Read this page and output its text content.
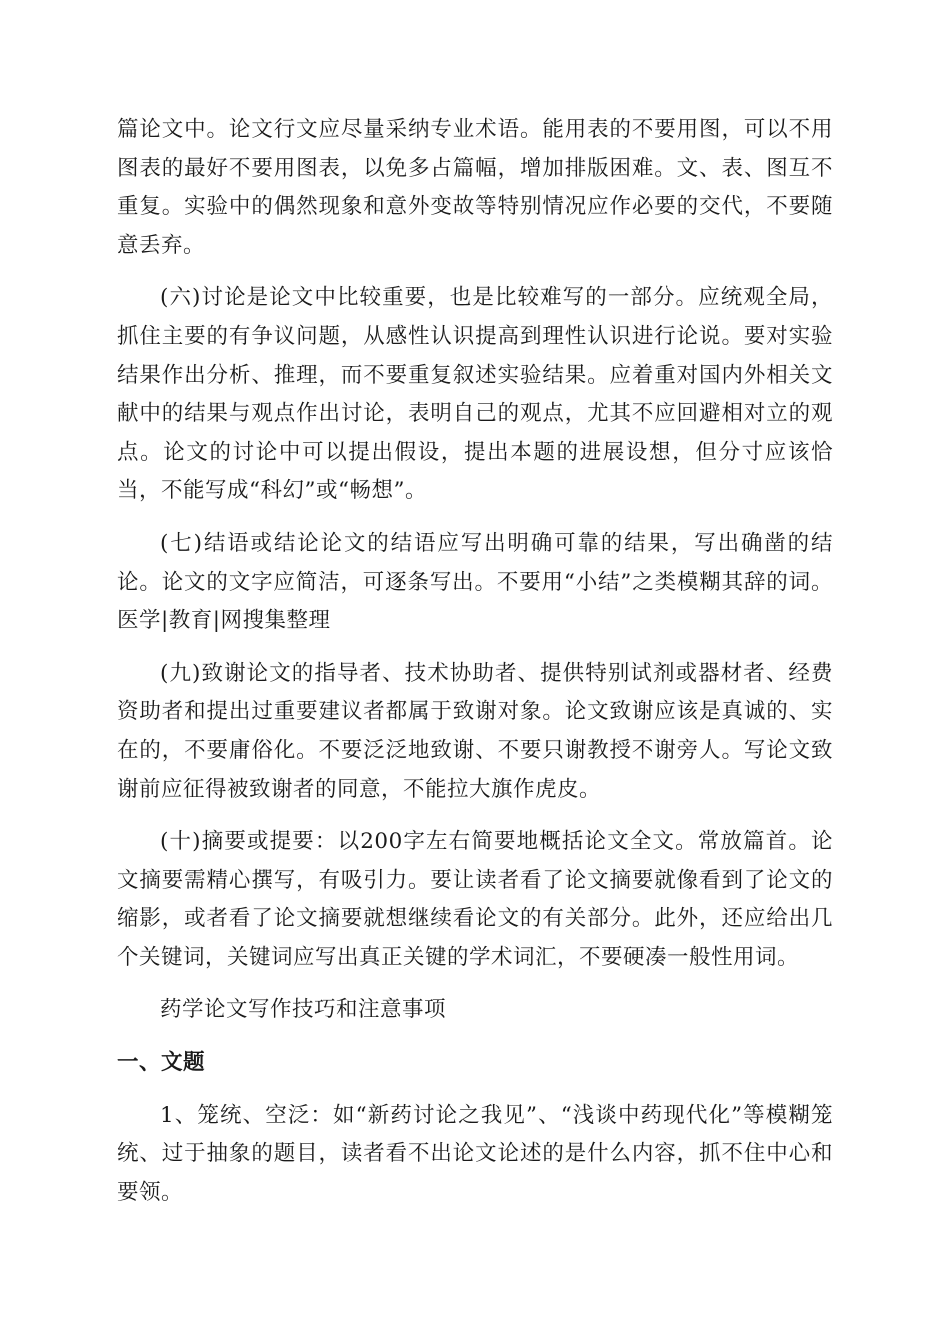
篇论文中。论文行文应尽量采纳专业术语。能用表的不要用图，可以不用图表的最好不要用图表，以免多占篇幅，增加排版困难。文、表、图互不重复。实验中的偶然现象和意外变故等特别情况应作必要的交代，不要随意丢弃。

(六)讨论是论文中比较重要，也是比较难写的一部分。应统观全局，抓住主要的有争议问题，从感性认识提高到理性认识进行论说。要对实验结果作出分析、推理，而不要重复叙述实验结果。应着重对国内外相关文献中的结果与观点作出讨论，表明自己的观点，尤其不应回避相对立的观点。论文的讨论中可以提出假设，提出本题的进展设想，但分寸应该恰当，不能写成“科幻”或“畅想”。

(七)结语或结论论文的结语应写出明确可靠的结果，写出确凿的结论。论文的文字应简洁，可逐条写出。不要用“小结”之类模糊其辞的词。医学|教育|网搜集整理

(九)致谢论文的指导者、技术协助者、提供特别试剂或器材者、经费资助者和提出过重要建议者都属于致谢对象。论文致谢应该是真诚的、实在的，不要庸俗化。不要泛泛地致谢、不要只谢教授不谢旁人。写论文致谢前应征得被致谢者的同意，不能拉大旗作虎皮。

(十)摘要或提要：以200字左右简要地概括论文全文。常放篇首。论文摘要需精心撰写，有吸引力。要让读者看了论文摘要就像看到了论文的缩影，或者看了论文摘要就想继续看论文的有关部分。此外，还应给出几个关键词，关键词应写出真正关键的学术词汇，不要硬凑一般性用词。

药学论文写作技巧和注意事项

一、文题

1、笼统、空泛：如“新药讨论之我见”、“浅谈中药现代化”等模糊笼统、过于抽象的题目，读者看不出论文论述的是什么内容，抓不住中心和要领。
